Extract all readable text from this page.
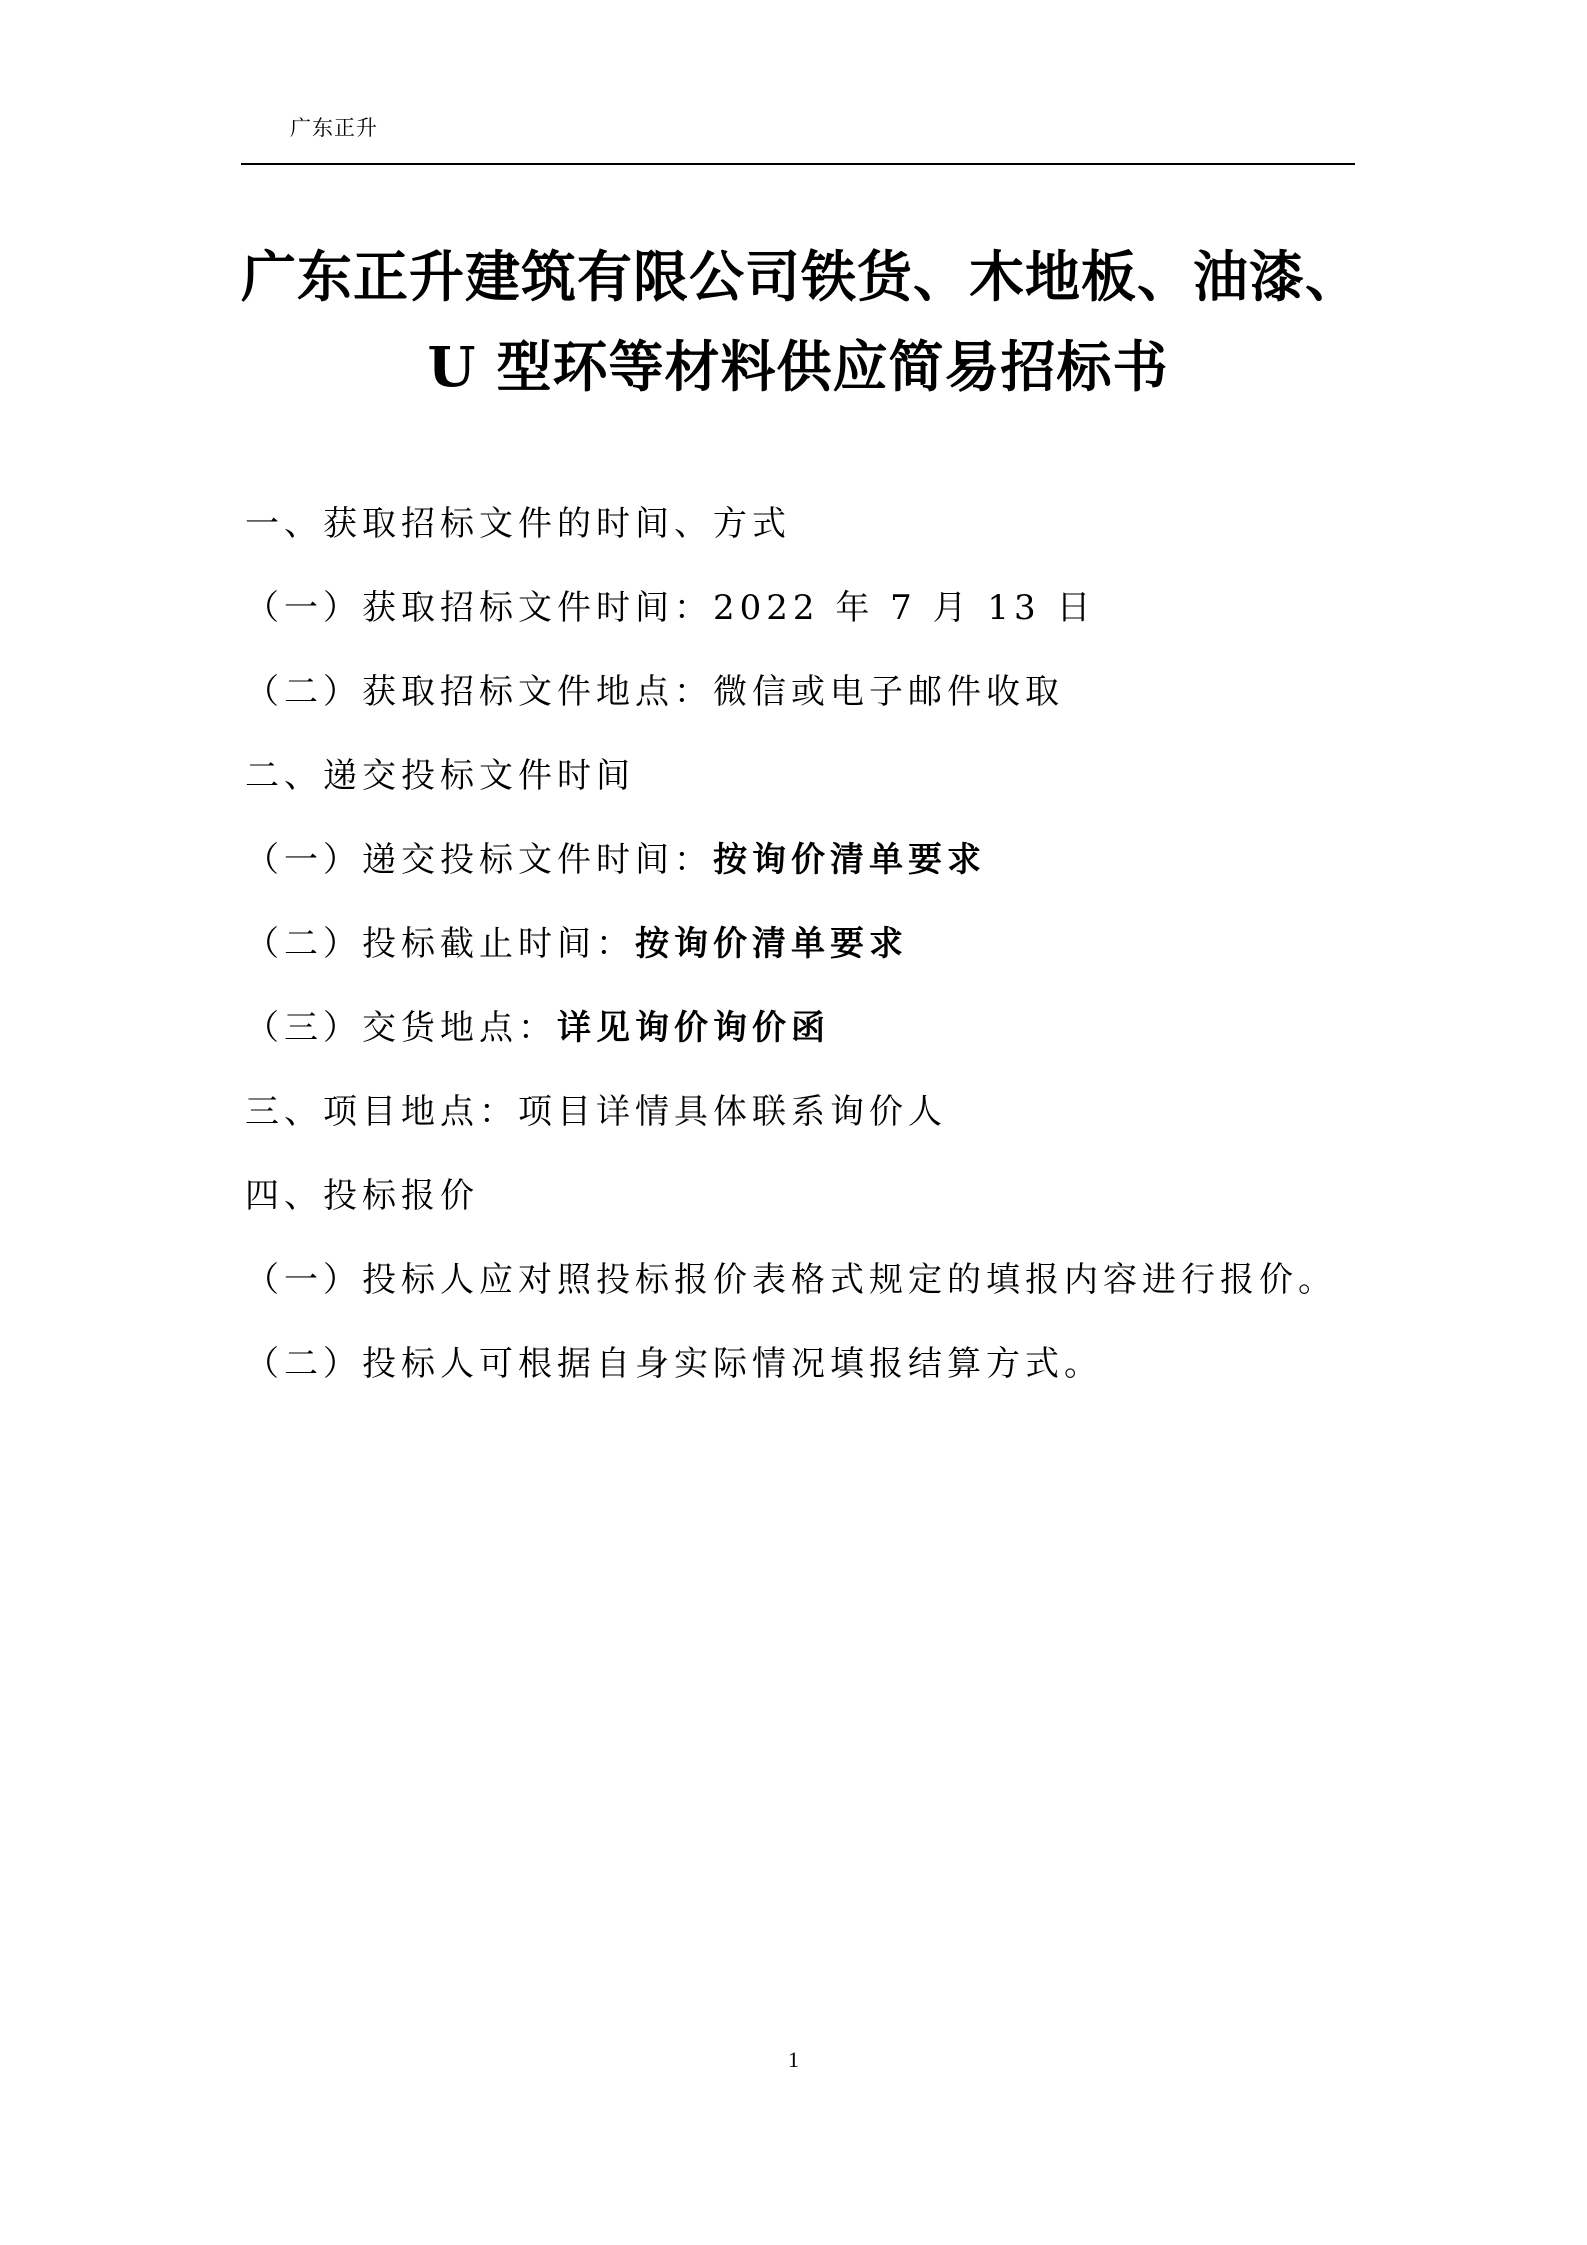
广东正升
广东正升建筑有限公司铁货、木地板、油漆、
U 型环等材料供应简易招标书
一、获取招标文件的时间、方式
（一）获取招标文件时间：2022 年 7 月 13 日
（二）获取招标文件地点：微信或电子邮件收取
二、递交投标文件时间
（一）递交投标文件时间：按询价清单要求
（二）投标截止时间：按询价清单要求
（三）交货地点：详见询价询价函
三、项目地点：项目详情具体联系询价人
四、投标报价
（一）投标人应对照投标报价表格式规定的填报内容进行报价。
（二）投标人可根据自身实际情况填报结算方式。
1
